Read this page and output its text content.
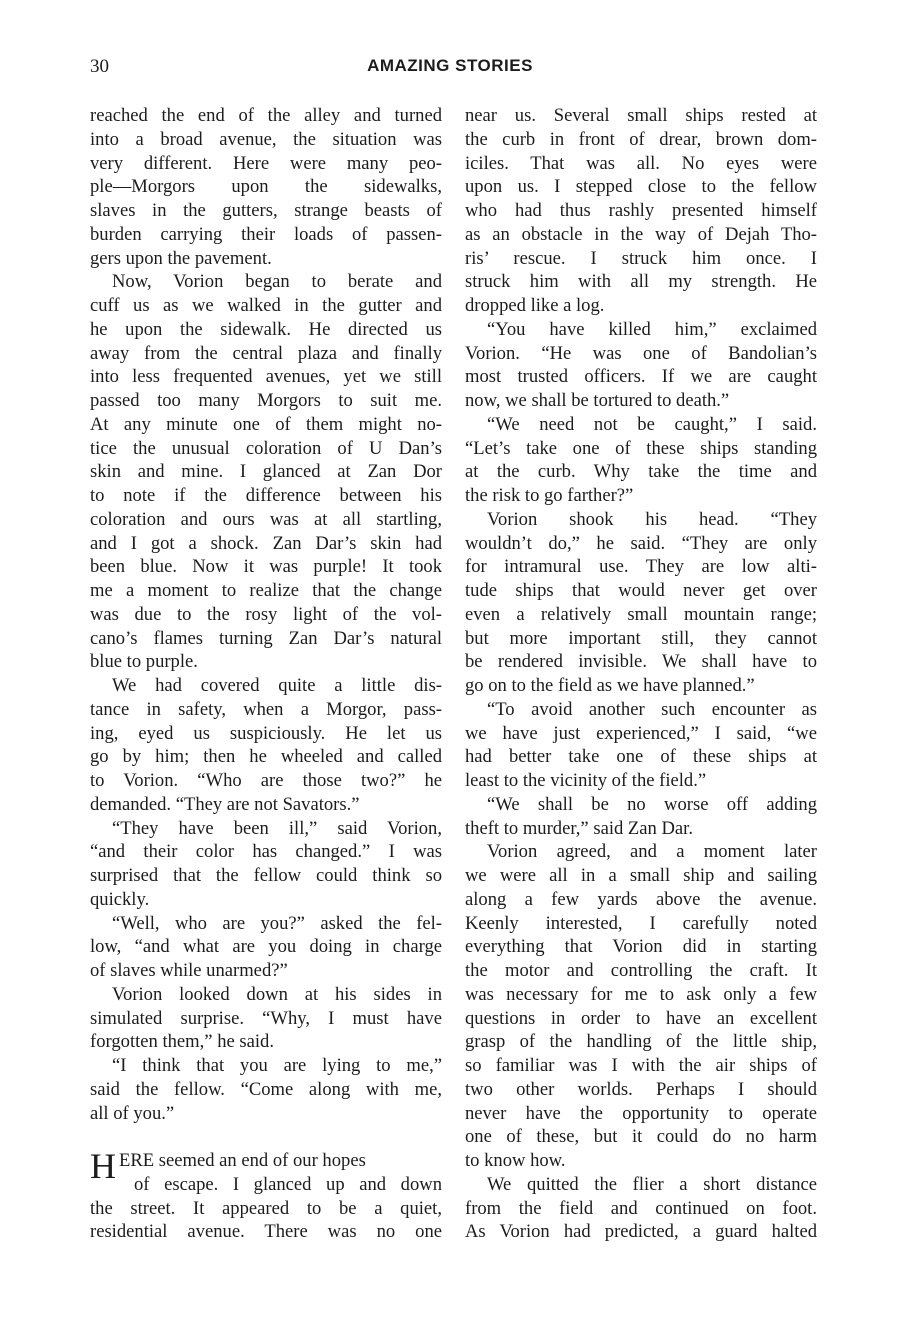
30	AMAZING STORIES
reached the end of the alley and turned
into a broad avenue, the situation was
very different. Here were many peo-
ple—Morgors upon the sidewalks,
slaves in the gutters, strange beasts of
burden carrying their loads of passen-
gers upon the pavement.
Now, Vorion began to berate and
cuff us as we walked in the gutter and
he upon the sidewalk. He directed us
away from the central plaza and finally
into less frequented avenues, yet we still
passed too many Morgors to suit me.
At any minute one of them might no-
tice the unusual coloration of U Dan’s
skin and mine. I glanced at Zan Dor
to note if the difference between his
coloration and ours was at all startling,
and I got a shock. Zan Dar’s skin had
been blue. Now it was purple! It took
me a moment to realize that the change
was due to the rosy light of the vol-
cano’s flames turning Zan Dar’s natural
blue to purple.
We had covered quite a little dis-
tance in safety, when a Morgor, pass-
ing, eyed us suspiciously. He let us
go by him; then he wheeled and called
to Vorion. “Who are those two?” he
demanded. “They are not Savators.”
“They have been ill,” said Vorion,
“and their color has changed.” I was
surprised that the fellow could think so
quickly.
“Well, who are you?” asked the fel-
low, “and what are you doing in charge
of slaves while unarmed?”
Vorion looked down at his sides in
simulated surprise. “Why, I must have
forgotten them,” he said.
“I think that you are lying to me,”
said the fellow. “Come along with me,
all of you.”
HERE seemed an end of our hopes
of escape. I glanced up and down
the street. It appeared to be a quiet,
residential avenue. There was no one
near us. Several small ships rested at
the curb in front of drear, brown dom-
iciles. That was all. No eyes were
upon us. I stepped close to the fellow
who had thus rashly presented himself
as an obstacle in the way of Dejah Tho-
ris’ rescue. I struck him once. I
struck him with all my strength. He
dropped like a log.
“You have killed him,” exclaimed
Vorion. “He was one of Bandolian’s
most trusted officers. If we are caught
now, we shall be tortured to death.”
“We need not be caught,” I said.
“Let’s take one of these ships standing
at the curb. Why take the time and
the risk to go farther?”
Vorion shook his head. “They
wouldn’t do,” he said. “They are only
for intramural use. They are low alti-
tude ships that would never get over
even a relatively small mountain range;
but more important still, they cannot
be rendered invisible. We shall have to
go on to the field as we have planned.”
“To avoid another such encounter as
we have just experienced,” I said, “we
had better take one of these ships at
least to the vicinity of the field.”
“We shall be no worse off adding
theft to murder,” said Zan Dar.
Vorion agreed, and a moment later
we were all in a small ship and sailing
along a few yards above the avenue.
Keenly interested, I carefully noted
everything that Vorion did in starting
the motor and controlling the craft. It
was necessary for me to ask only a few
questions in order to have an excellent
grasp of the handling of the little ship,
so familiar was I with the air ships of
two other worlds. Perhaps I should
never have the opportunity to operate
one of these, but it could do no harm
to know how.
We quitted the flier a short distance
from the field and continued on foot.
As Vorion had predicted, a guard halted
